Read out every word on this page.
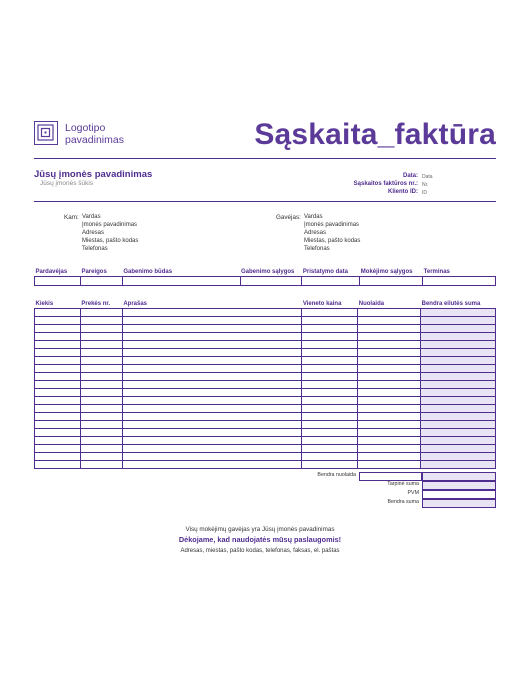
Logotipo
pavadinimas	Sąskaita_faktūra
Jūsų įmonės pavadinimas
Jūsų įmonės šūkis
Data: Data
Sąskaitos faktūros nr.: Nr.
Kliento ID: ID
Kam: Vardas
Įmonės pavadinimas
Adresas
Miestas, pašto kodas
Telefonas
Gavėjas: Vardas
Įmonės pavadinimas
Adresas
Miestas, pašto kodas
Telefonas
Pardavėjas	Pareigos	Gabenimo būdas	Gabenimo sąlygos	Pristatymo data	Mokėjimo sąlygos	Terminas

Kiekis	Prekės nr.	Aprašas	Vieneto kaina	Nuolaida	Bendra eilutės suma

Bendra nuolaida
Tarpinė suma
PVM
Bendra suma
Visų mokėjimų gavėjas yra Jūsų įmonės pavadinimas
Dėkojame, kad naudojatės mūsų paslaugomis!
Adresas, miestas, pašto kodas, telefonas, faksas, el. paštas
